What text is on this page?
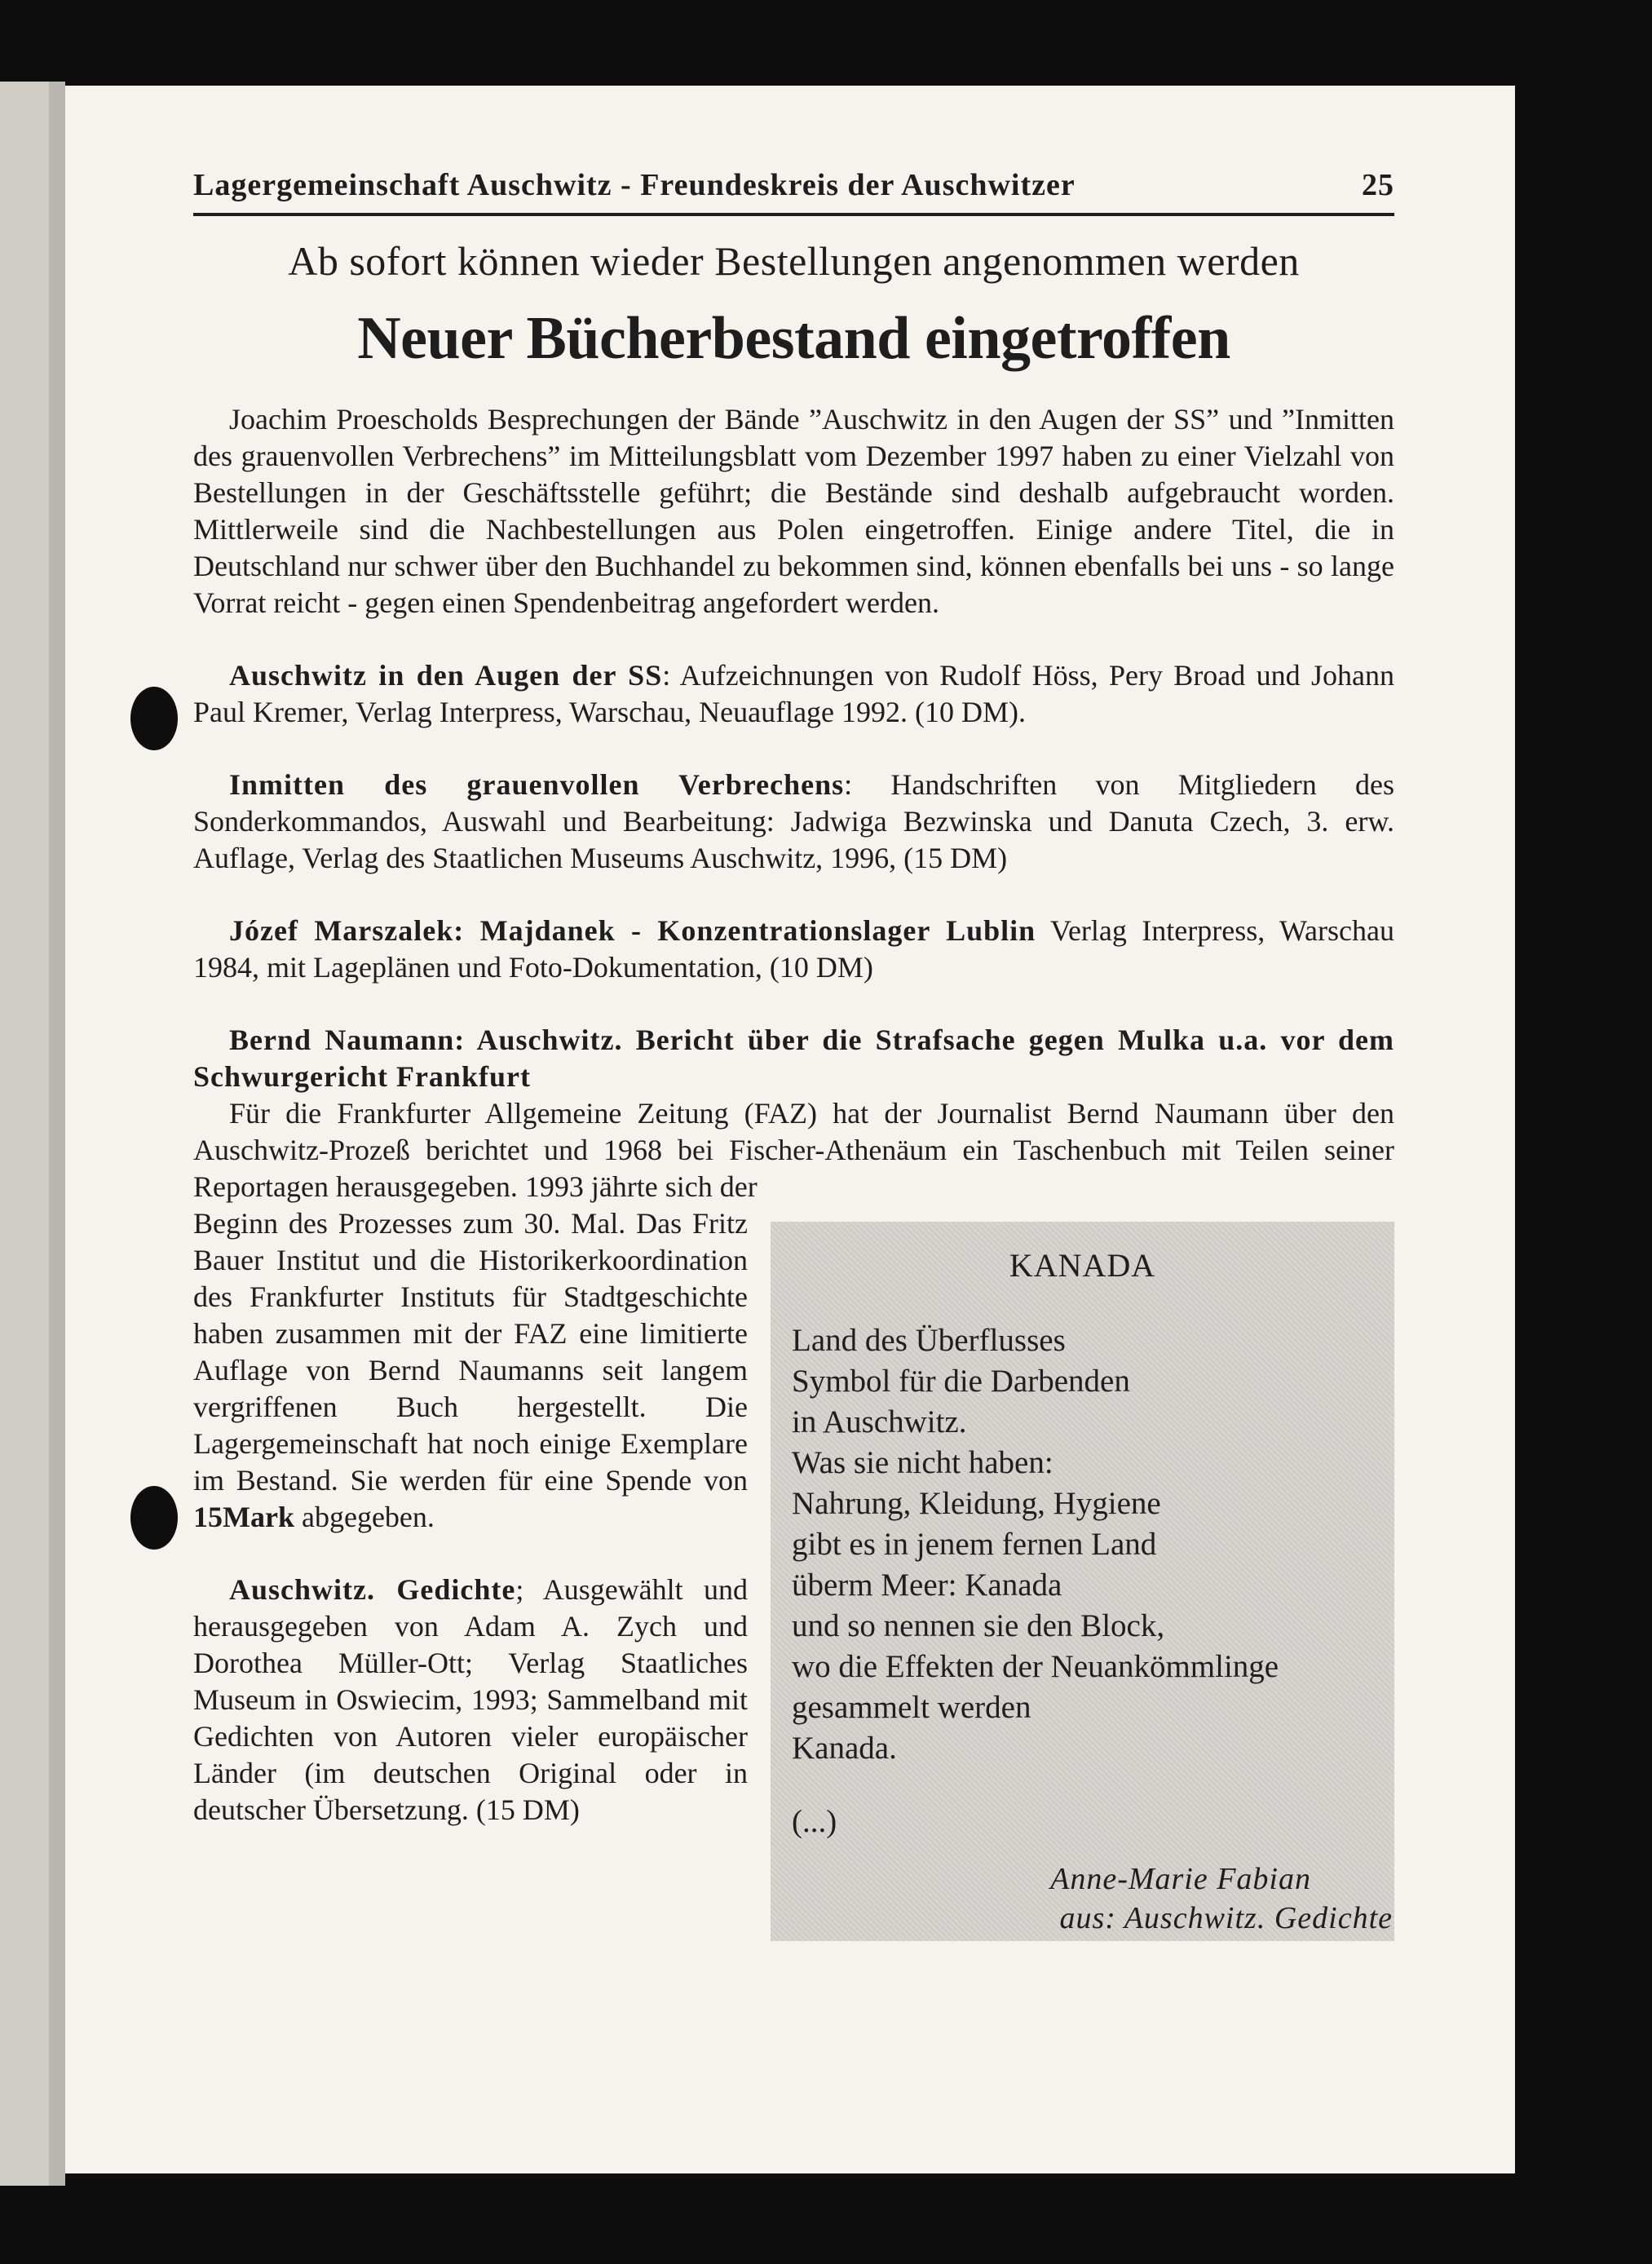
Lagergemeinschaft Auschwitz - Freundeskreis der Auschwitzer	25
Ab sofort können wieder Bestellungen angenommen werden
Neuer Bücherbestand eingetroffen

Joachim Proescholds Besprechungen der Bände ”Auschwitz in den Augen der SS” und ”Inmitten des grauenvollen Verbrechens” im Mitteilungsblatt vom Dezember 1997 haben zu einer Vielzahl von Bestellungen in der Geschäftsstelle geführt; die Bestände sind deshalb aufgebraucht worden. Mittlerweile sind die Nachbestellungen aus Polen eingetroffen. Einige andere Titel, die in Deutschland nur schwer über den Buchhandel zu bekommen sind, können ebenfalls bei uns - so lange Vorrat reicht - gegen einen Spendenbeitrag angefordert werden.

Auschwitz in den Augen der SS: Aufzeichnungen von Rudolf Höss, Pery Broad und Johann Paul Kremer, Verlag Interpress, Warschau, Neuauflage 1992. (10 DM).

Inmitten des grauenvollen Verbrechens: Handschriften von Mitgliedern des Sonderkommandos, Auswahl und Bearbeitung: Jadwiga Bezwinska und Danuta Czech, 3. erw. Auflage, Verlag des Staatlichen Museums Auschwitz, 1996, (15 DM)

Józef Marszalek: Majdanek - Konzentrationslager Lublin Verlag Interpress, Warschau 1984, mit Lageplänen und Foto-Dokumentation, (10 DM)

Bernd Naumann: Auschwitz. Bericht über die Strafsache gegen Mulka u.a. vor dem Schwurgericht Frankfurt

Für die Frankfurter Allgemeine Zeitung (FAZ) hat der Journalist Bernd Naumann über den Auschwitz-Prozeß berichtet und 1968 bei Fischer-Athenäum ein Taschenbuch mit Teilen seiner Reportagen herausgegeben. 1993 jährte sich der

Beginn des Prozesses zum 30. Mal. Das Fritz Bauer Institut und die Historikerkoordination des Frankfurter Instituts für Stadtgeschichte haben zusammen mit der FAZ eine limitierte Auflage von Bernd Naumanns seit langem vergriffenen Buch hergestellt. Die Lagergemeinschaft hat noch einige Exemplare im Bestand. Sie werden für eine Spende von 15Mark abgegeben.

Auschwitz. Gedichte; Ausgewählt und herausgegeben von Adam A. Zych und Dorothea Müller-Ott; Verlag Staatliches Museum in Oswiecim, 1993; Sammelband mit Gedichten von Autoren vieler europäischer Länder (im deutschen Original oder in deutscher Übersetzung. (15 DM)

KANADA
Land des Überflusses
Symbol für die Darbenden
in Auschwitz.
Was sie nicht haben:
Nahrung, Kleidung, Hygiene
gibt es in jenem fernen Land
überm Meer: Kanada
und so nennen sie den Block,
wo die Effekten der Neuankömmlinge
gesammelt werden
Kanada.
(...)
Anne-Marie Fabian
aus: Auschwitz. Gedichte
